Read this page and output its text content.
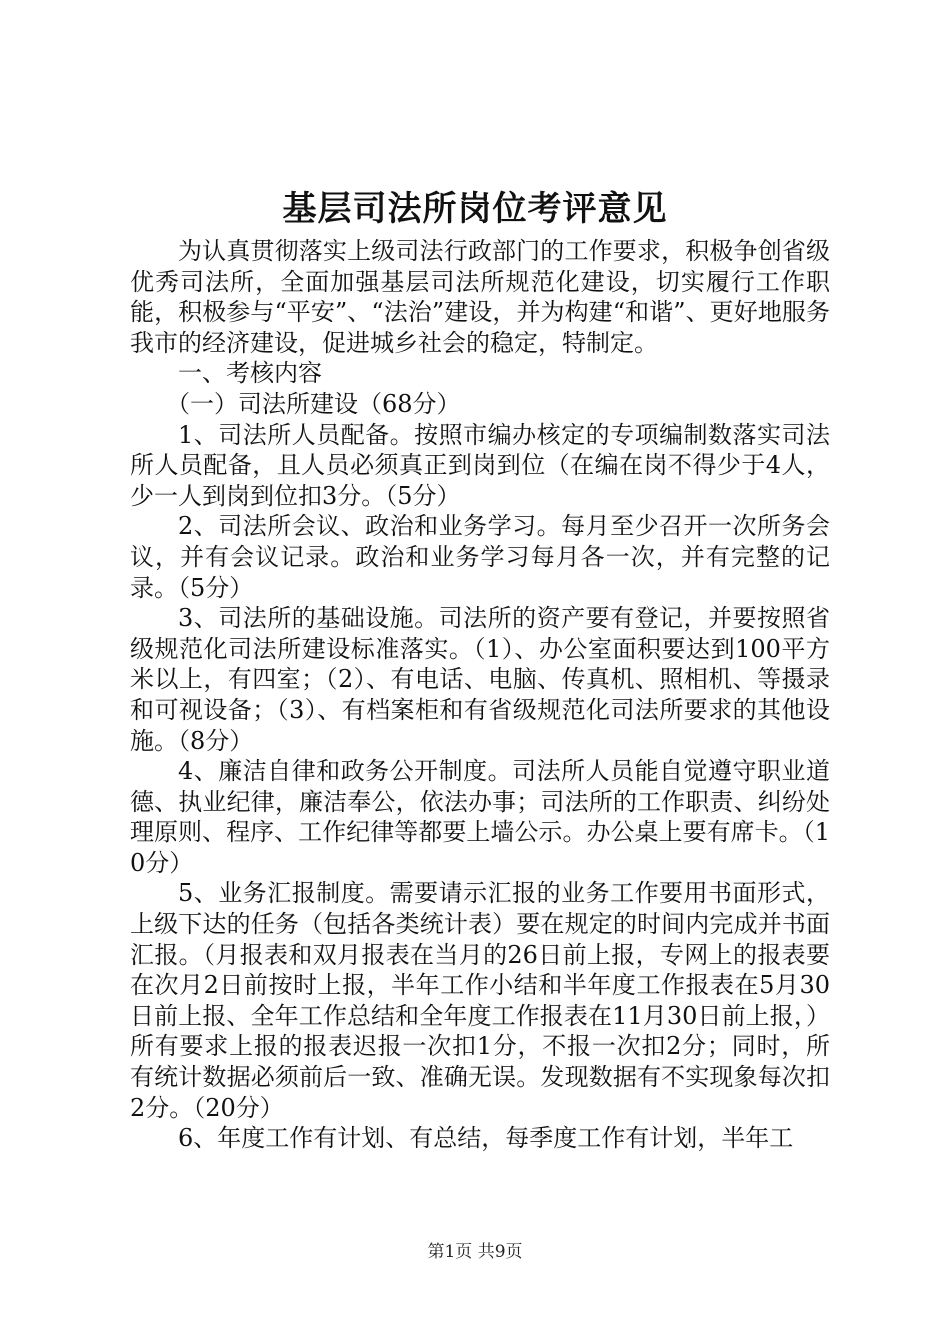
基层司法所岗位考评意见

为认真贯彻落实上级司法行政部门的工作要求，积极争创省级优秀司法所，全面加强基层司法所规范化建设，切实履行工作职能，积极参与“平安”、“法治”建设，并为构建“和谐”、更好地服务我市的经济建设，促进城乡社会的稳定，特制定。

一、考核内容

（一）司法所建设（68分）

1、司法所人员配备。按照市编办核定的专项编制数落实司法所人员配备，且人员必须真正到岗到位（在编在岗不得少于4人，少一人到岗到位扣3分。（5分）

2、司法所会议、政治和业务学习。每月至少召开一次所务会议，并有会议记录。政治和业务学习每月各一次，并有完整的记录。（5分）

3、司法所的基础设施。司法所的资产要有登记，并要按照省级规范化司法所建设标准落实。（1）、办公室面积要达到100平方米以上，有四室；（2）、有电话、电脑、传真机、照相机、等摄录和可视设备；（3）、有档案柜和有省级规范化司法所要求的其他设施。（8分）

4、廉洁自律和政务公开制度。司法所人员能自觉遵守职业道德、执业纪律，廉洁奉公，依法办事；司法所的工作职责、纠纷处理原则、程序、工作纪律等都要上墙公示。办公桌上要有席卡。（10分）

5、业务汇报制度。需要请示汇报的业务工作要用书面形式，上级下达的任务（包括各类统计表）要在规定的时间内完成并书面汇报。（月报表和双月报表在当月的26日前上报，专网上的报表要在次月2日前按时上报，半年工作小结和半年度工作报表在5月30日前上报、全年工作总结和全年度工作报表在11月30日前上报，）所有要求上报的报表迟报一次扣1分，不报一次扣2分；同时，所有统计数据必须前后一致、准确无误。发现数据有不实现象每次扣2分。（20分）

6、年度工作有计划、有总结，每季度工作有计划，半年工

第1页 共9页
